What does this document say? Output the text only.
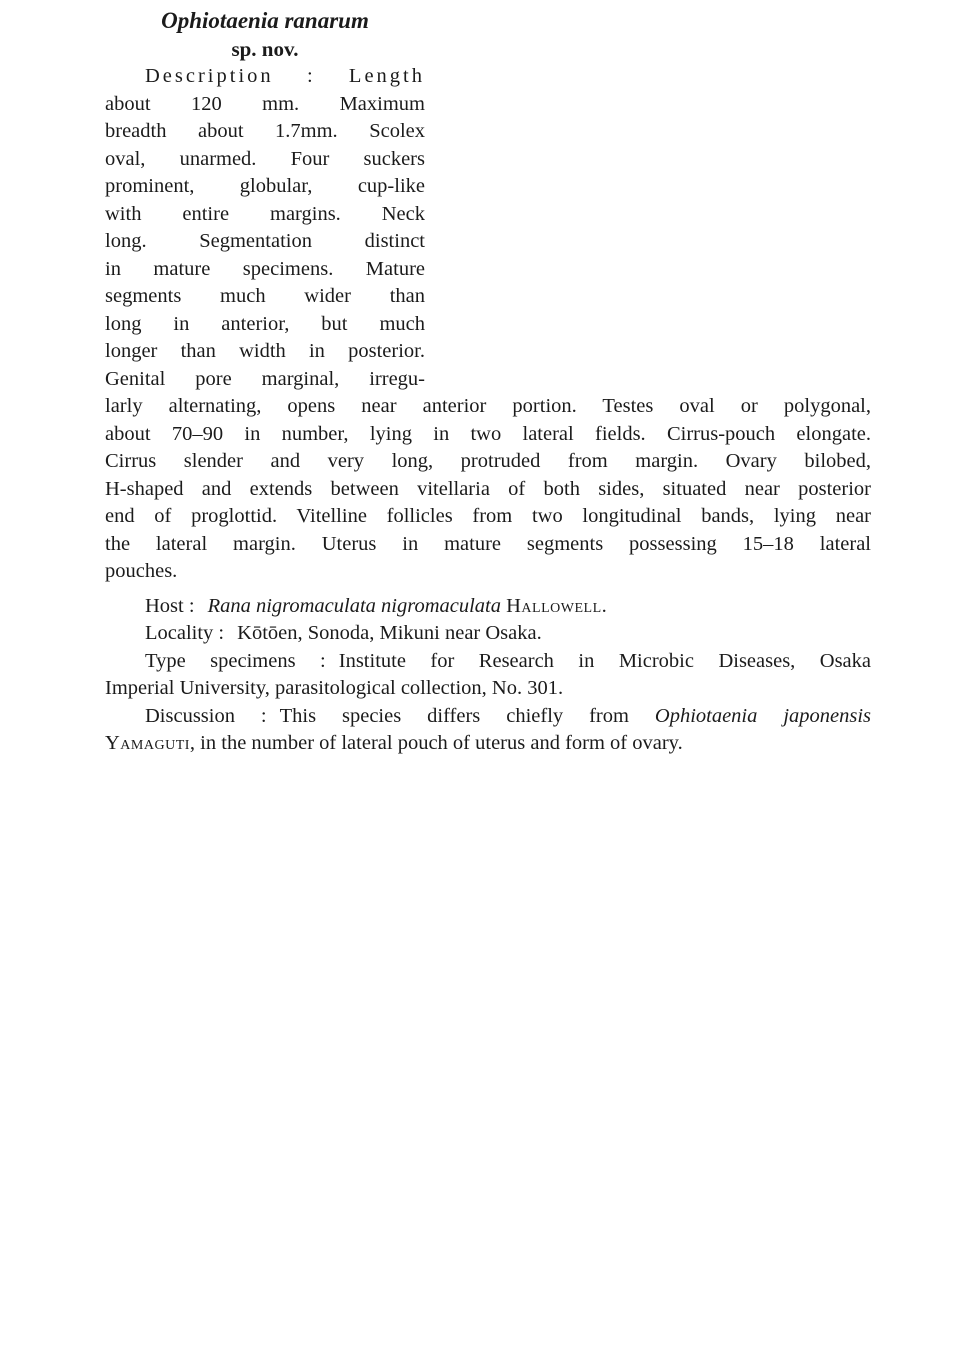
Ophiotaenia ranarum
sp. nov.
Description : Length
about 120 mm. Maximum
breadth about 1.7mm. Scolex
oval, unarmed. Four suckers
prominent, globular, cup-like
with entire margins. Neck
long. Segmentation distinct
in mature specimens. Mature
segments much wider than
long in anterior, but much
longer than width in posterior.
Genital pore marginal, irregu-
larly alternating, opens near anterior portion. Testes oval or polygonal,
about 70–90 in number, lying in two lateral fields. Cirrus-pouch elongate.
Cirrus slender and very long, protruded from margin. Ovary bilobed,
H-shaped and extends between vitellaria of both sides, situated near posterior
end of proglottid. Vitelline follicles from two longitudinal bands, lying near
the lateral margin. Uterus in mature segments possessing 15–18 lateral
pouches.
Host : Rana nigromaculata nigromaculata Hallowell.
Locality : Kōtōen, Sonoda, Mikuni near Osaka.
Type specimens : Institute for Research in Microbic Diseases, Osaka
Imperial University, parasitological collection, No. 301.
Discussion : This species differs chiefly from Ophiotaenia japonensis
Yamaguti, in the number of lateral pouch of uterus and form of ovary.
